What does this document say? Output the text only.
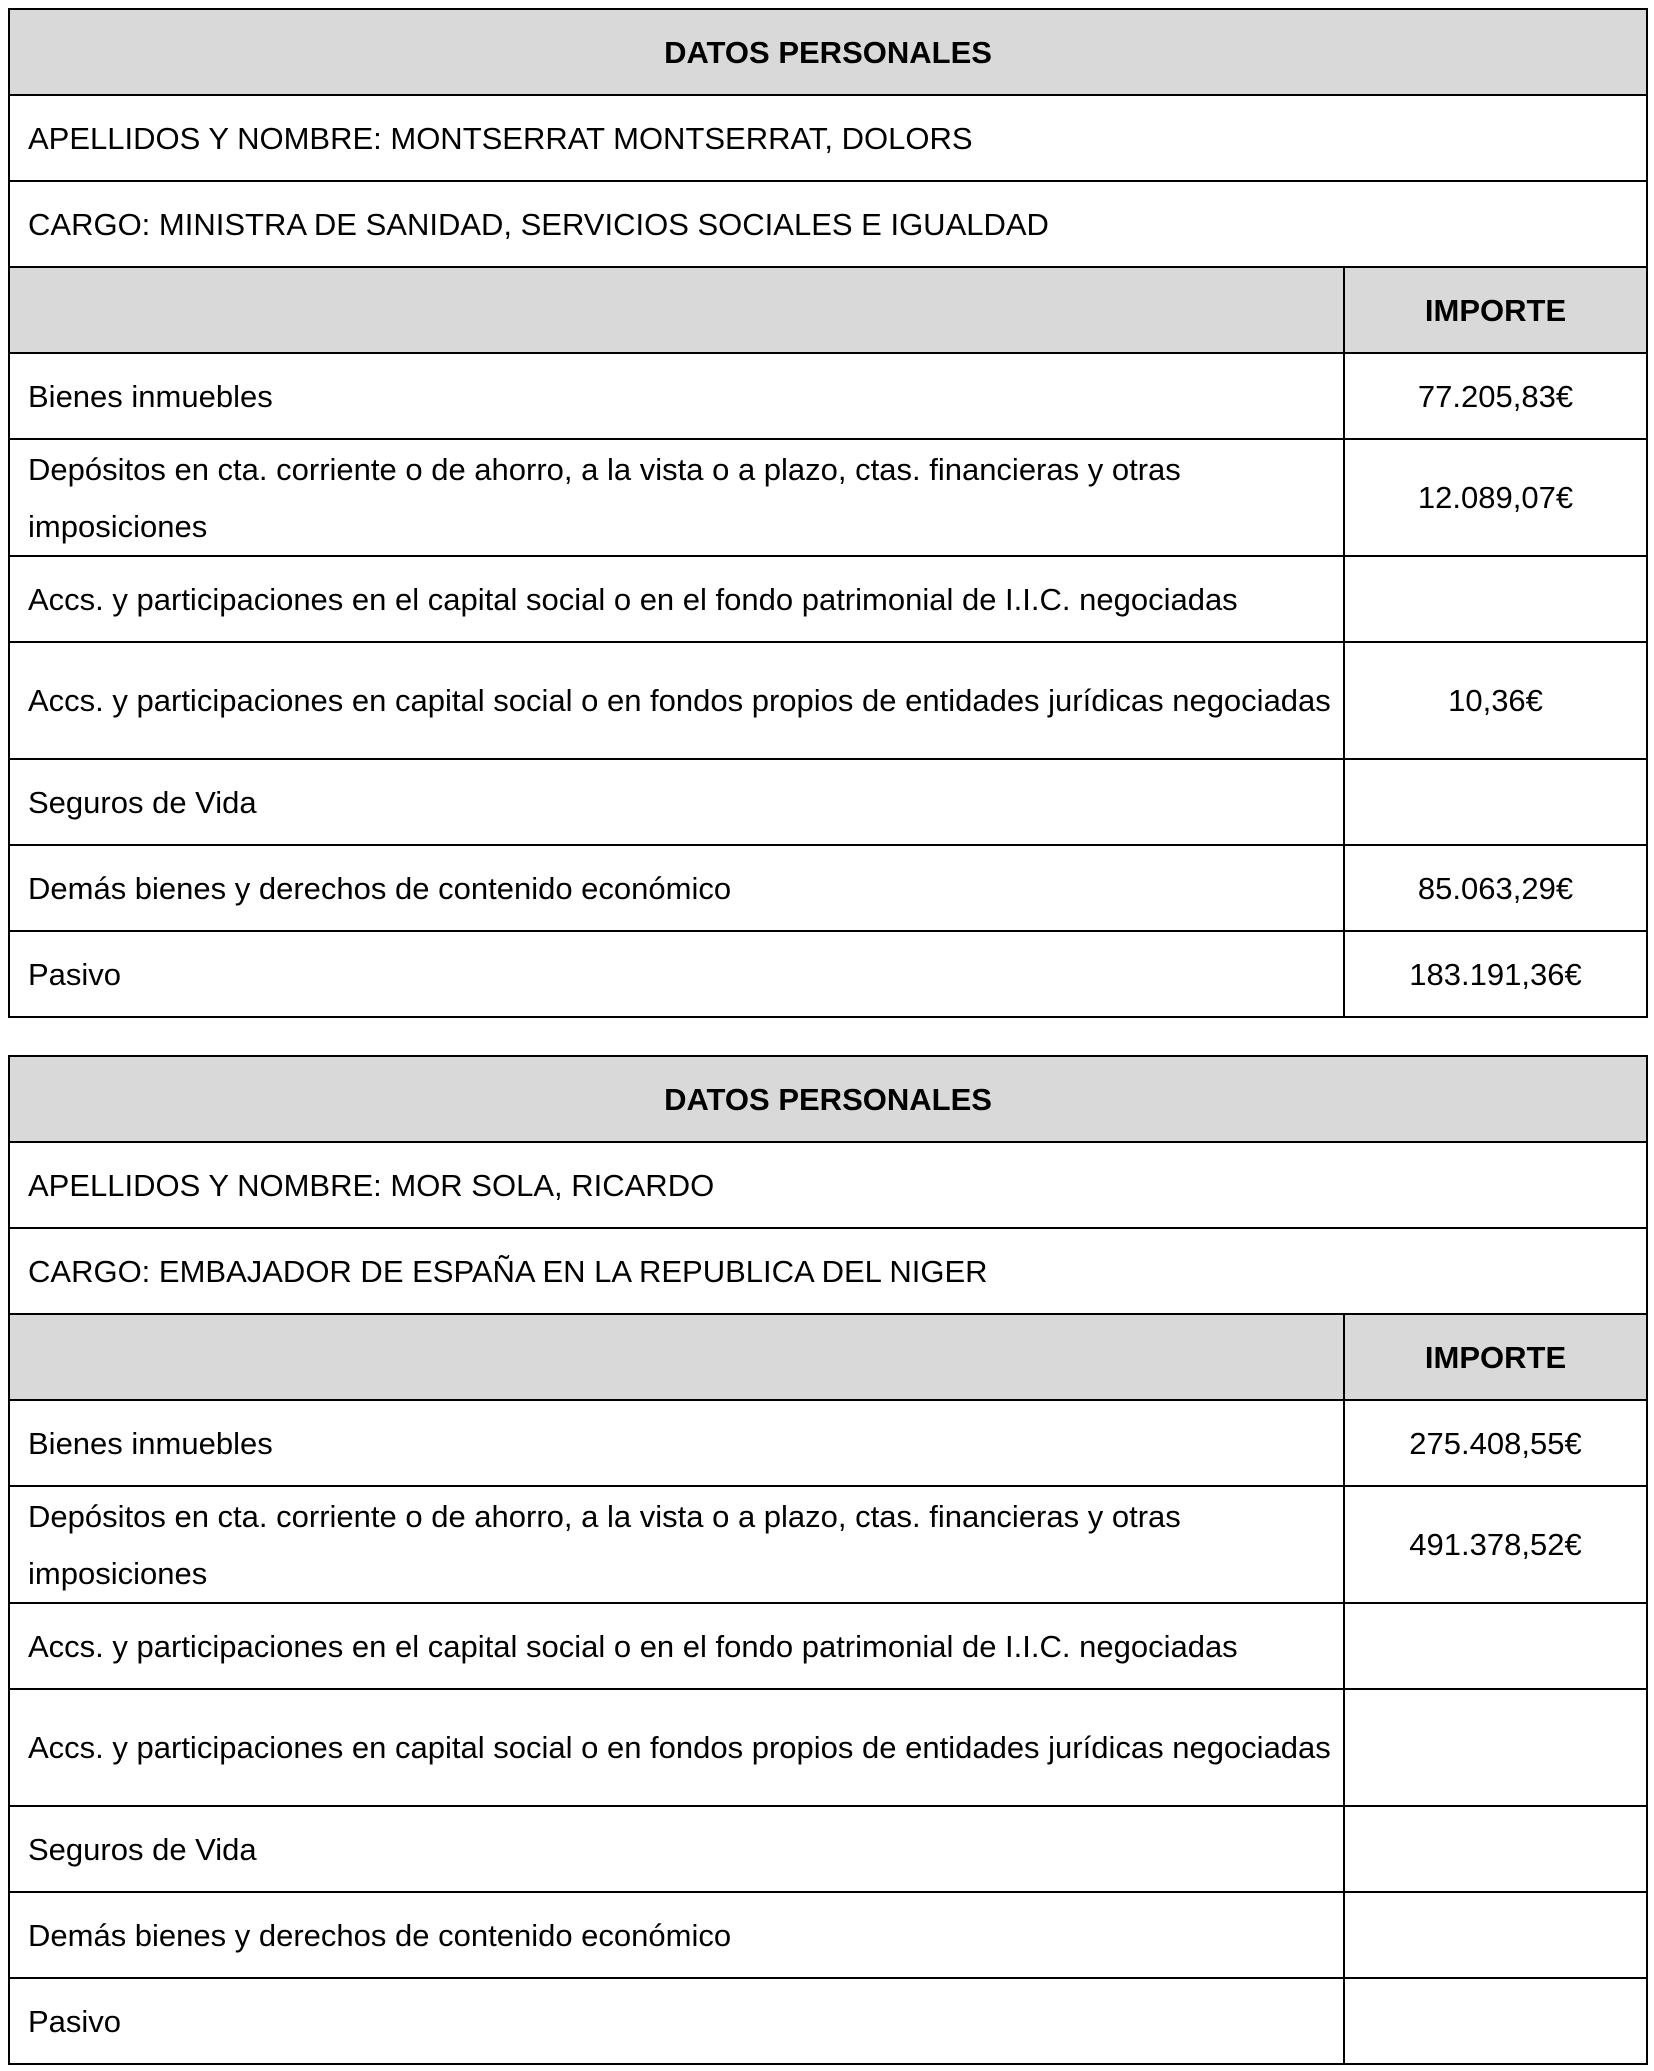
DATOS PERSONALES	
APELLIDOS Y NOMBRE: MONTSERRAT MONTSERRAT, DOLORS	
CARGO: MINISTRA DE SANIDAD, SERVICIOS SOCIALES E IGUALDAD	
	IMPORTE
Bienes inmuebles	77.205,83€
Depósitos en cta. corriente o de ahorro, a la vista o a plazo, ctas. financieras y otras imposiciones	12.089,07€
Accs. y participaciones en el capital social o en el fondo patrimonial de I.I.C. negociadas	
Accs. y participaciones en capital social o en fondos propios de entidades jurídicas negociadas	10,36€
Seguros de Vida	
Demás bienes y derechos de contenido económico	85.063,29€
Pasivo	183.191,36€
DATOS PERSONALES	
APELLIDOS Y NOMBRE: MOR SOLA, RICARDO	
CARGO: EMBAJADOR DE ESPAÑA EN LA REPUBLICA DEL NIGER	
	IMPORTE
Bienes inmuebles	275.408,55€
Depósitos en cta. corriente o de ahorro, a la vista o a plazo, ctas. financieras y otras imposiciones	491.378,52€
Accs. y participaciones en el capital social o en el fondo patrimonial de I.I.C. negociadas	
Accs. y participaciones en capital social o en fondos propios de entidades jurídicas negociadas	
Seguros de Vida	
Demás bienes y derechos de contenido económico	
Pasivo	
